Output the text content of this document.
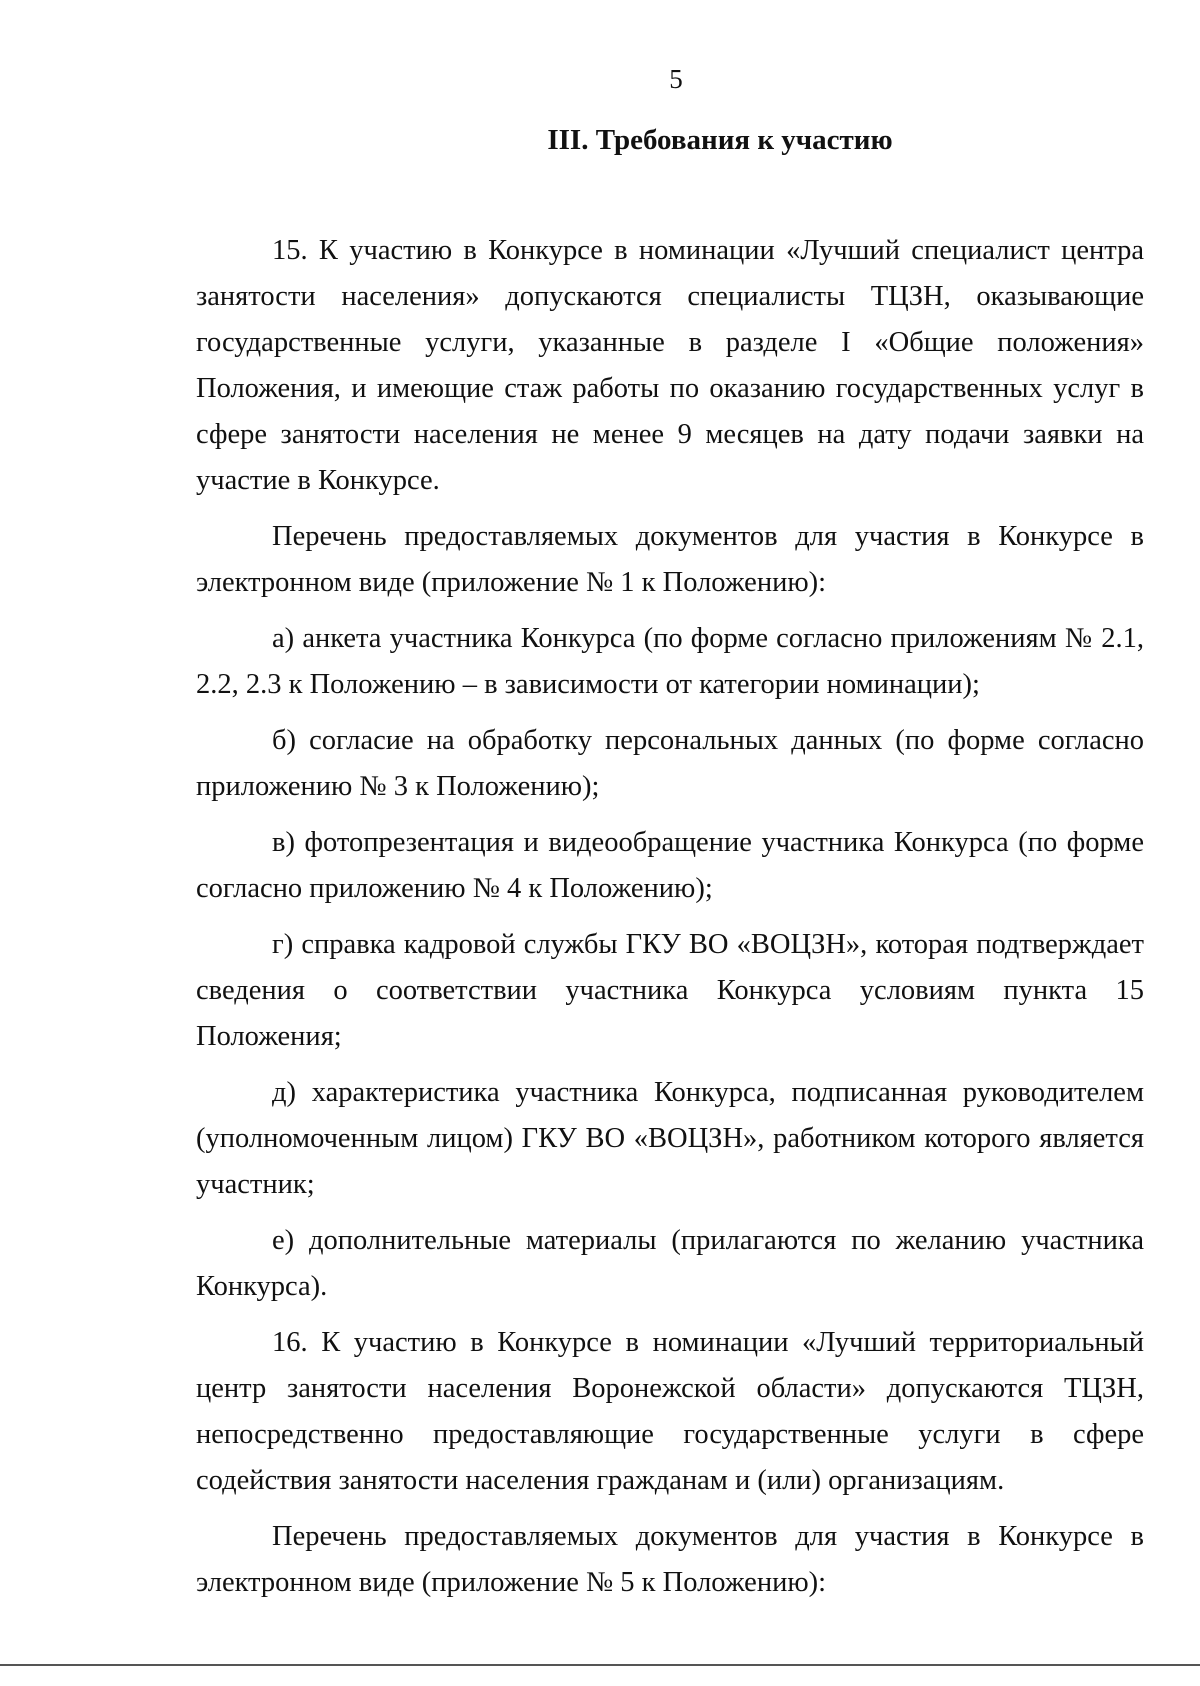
5
III. Требования к участию

15. К участию в Конкурсе в номинации «Лучший специалист центра занятости населения» допускаются специалисты ТЦЗН, оказывающие государственные услуги, указанные в разделе I «Общие положения» Положения, и имеющие стаж работы по оказанию государственных услуг в сфере занятости населения не менее 9 месяцев на дату подачи заявки на участие в Конкурсе.

Перечень предоставляемых документов для участия в Конкурсе в электронном виде (приложение № 1 к Положению):

а) анкета участника Конкурса (по форме согласно приложениям № 2.1, 2.2, 2.3 к Положению – в зависимости от категории номинации);

б) согласие на обработку персональных данных (по форме согласно приложению № 3 к Положению);

в) фотопрезентация и видеообращение участника Конкурса (по форме согласно приложению № 4 к Положению);

г) справка кадровой службы ГКУ ВО «ВОЦЗН», которая подтверждает сведения о соответствии участника Конкурса условиям пункта 15 Положения;

д) характеристика участника Конкурса, подписанная руководителем (уполномоченным лицом) ГКУ ВО «ВОЦЗН», работником которого является участник;

е) дополнительные материалы (прилагаются по желанию участника Конкурса).

16. К участию в Конкурсе в номинации «Лучший территориальный центр занятости населения Воронежской области» допускаются ТЦЗН, непосредственно предоставляющие государственные услуги в сфере содействия занятости населения гражданам и (или) организациям.

Перечень предоставляемых документов для участия в Конкурсе в электронном виде (приложение № 5 к Положению):
